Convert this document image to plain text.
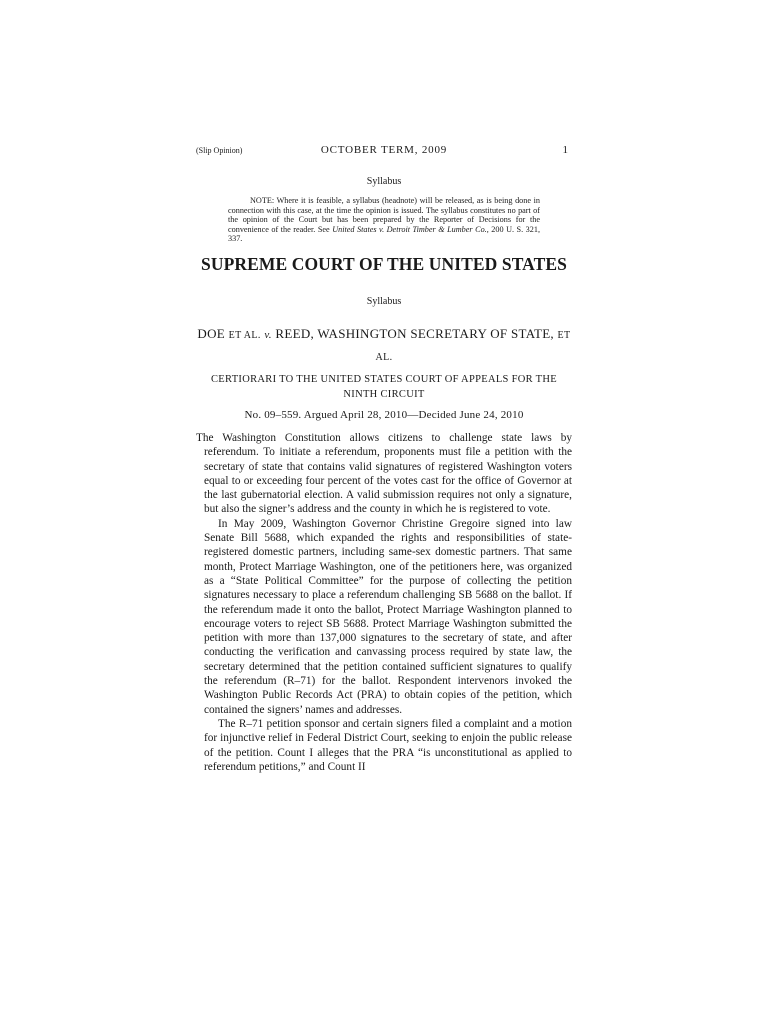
(Slip Opinion)	OCTOBER TERM, 2009	1
Syllabus
NOTE: Where it is feasible, a syllabus (headnote) will be released, as is being done in connection with this case, at the time the opinion is issued. The syllabus constitutes no part of the opinion of the Court but has been prepared by the Reporter of Decisions for the convenience of the reader. See United States v. Detroit Timber & Lumber Co., 200 U. S. 321, 337.
SUPREME COURT OF THE UNITED STATES
Syllabus
DOE ET AL. v. REED, WASHINGTON SECRETARY OF STATE, ET AL.
CERTIORARI TO THE UNITED STATES COURT OF APPEALS FOR THE NINTH CIRCUIT
No. 09–559. Argued April 28, 2010—Decided June 24, 2010

The Washington Constitution allows citizens to challenge state laws by referendum. To initiate a referendum, proponents must file a petition with the secretary of state that contains valid signatures of registered Washington voters equal to or exceeding four percent of the votes cast for the office of Governor at the last gubernatorial election. A valid submission requires not only a signature, but also the signer’s address and the county in which he is registered to vote.

In May 2009, Washington Governor Christine Gregoire signed into law Senate Bill 5688, which expanded the rights and responsibilities of state-registered domestic partners, including same-sex domestic partners. That same month, Protect Marriage Washington, one of the petitioners here, was organized as a “State Political Committee” for the purpose of collecting the petition signatures necessary to place a referendum challenging SB 5688 on the ballot. If the referendum made it onto the ballot, Protect Marriage Washington planned to encourage voters to reject SB 5688. Protect Marriage Washington submitted the petition with more than 137,000 signatures to the secretary of state, and after conducting the verification and canvassing process required by state law, the secretary determined that the petition contained sufficient signatures to qualify the referendum (R–71) for the ballot. Respondent intervenors invoked the Washington Public Records Act (PRA) to obtain copies of the petition, which contained the signers’ names and addresses.

The R–71 petition sponsor and certain signers filed a complaint and a motion for injunctive relief in Federal District Court, seeking to enjoin the public release of the petition. Count I alleges that the PRA “is unconstitutional as applied to referendum petitions,” and Count II
